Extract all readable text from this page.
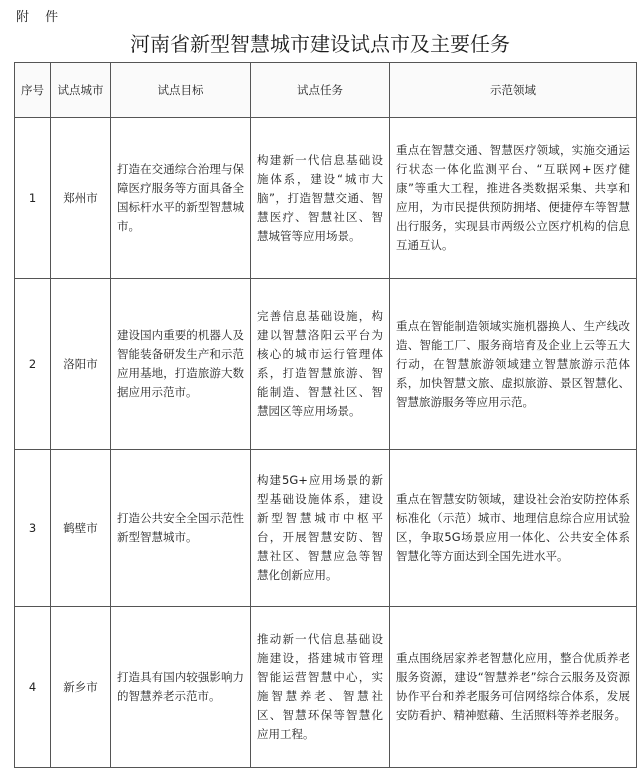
附 件
河南省新型智慧城市建设试点市及主要任务
序号	试点城市	试点目标	试点任务	示范领域
1	郑州市	打造在交通综合治理与保障医疗服务等方面具备全国标杆水平的新型智慧城市。	构建新一代信息基础设施体系，建设“城市大脑”，打造智慧交通、智慧医疗、智慧社区、智慧城管等应用场景。	重点在智慧交通、智慧医疗领域，实施交通运行状态一体化监测平台、“互联网+医疗健康”等重大工程，推进各类数据采集、共享和应用，为市民提供预防拥堵、便捷停车等智慧出行服务，实现县市两级公立医疗机构的信息互通互认。

2	洛阳市	建设国内重要的机器人及智能装备研发生产和示范应用基地，打造旅游大数据应用示范市。	完善信息基础设施，构建以智慧洛阳云平台为核心的城市运行管理体系，打造智慧旅游、智能制造、智慧社区、智慧园区等应用场景。	重点在智能制造领域实施机器换人、生产线改造、智能工厂、服务商培育及企业上云等五大行动，在智慧旅游领域建立智慧旅游示范体系，加快智慧文旅、虚拟旅游、景区智慧化、智慧旅游服务等应用示范。

3	鹤壁市	打造公共安全全国示范性新型智慧城市。	构建5G+应用场景的新型基础设施体系，建设新型智慧城市中枢平台，开展智慧安防、智慧社区、智慧应急等智慧化创新应用。	重点在智慧安防领域，建设社会治安防控体系标准化（示范）城市、地理信息综合应用试验区，争取5G场景应用一体化、公共安全体系智慧化等方面达到全国先进水平。

4	新乡市	打造具有国内较强影响力的智慧养老示范市。	推动新一代信息基础设施建设，搭建城市管理智能运营智慧中心，实施智慧养老、智慧社区、智慧环保等智慧化应用工程。	重点围绕居家养老智慧化应用，整合优质养老服务资源，建设“智慧养老”综合云服务及资源协作平台和养老服务可信网络综合体系，发展安防看护、精神慰藉、生活照料等养老服务。
